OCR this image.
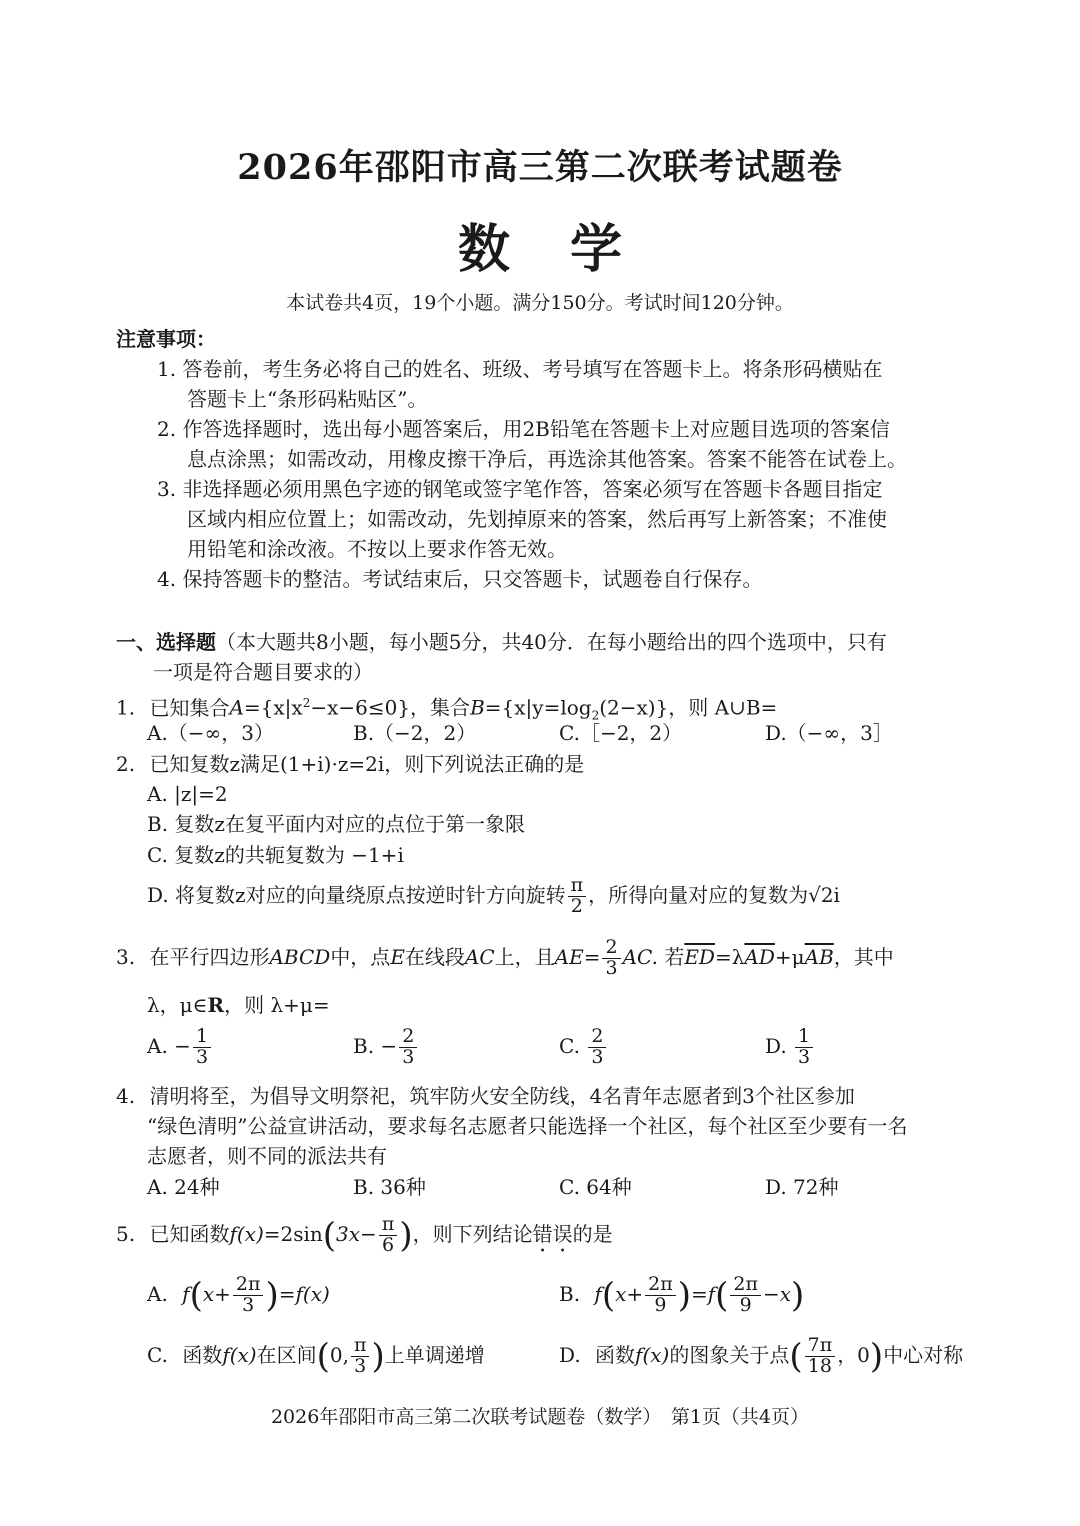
2026年邵阳市高三第二次联考试题卷
数学
本试卷共4页，19个小题。满分150分。考试时间120分钟。
注意事项：
1. 答卷前，考生务必将自己的姓名、班级、考号填写在答题卡上。将条形码横贴在
答题卡上“条形码粘贴区”。
2. 作答选择题时，选出每小题答案后，用2B铅笔在答题卡上对应题目选项的答案信
息点涂黑；如需改动，用橡皮擦干净后，再选涂其他答案。答案不能答在试卷上。
3. 非选择题必须用黑色字迹的钢笔或签字笔作答，答案必须写在答题卡各题目指定
区域内相应位置上；如需改动，先划掉原来的答案，然后再写上新答案；不准使
用铅笔和涂改液。不按以上要求作答无效。
4. 保持答题卡的整洁。考试结束后，只交答题卡，试题卷自行保存。
一、选择题（本大题共8小题，每小题5分，共40分．在每小题给出的四个选项中，只有
一项是符合题目要求的）
1. 已知集合$A=\{x|x^2-x-6\le 0\}$，集合$B=\{x|y=\log_2(2-x)\}$，则 A∪B=
A.（−∞，3）	B.（−2，2）	C.［−2，2）	D.（−∞，3］
2. 已知复数z满足(1+i)·z=2i，则下列说法正确的是
A. |z|=2
B. 复数z在复平面内对应的点位于第一象限
C. 复数z的共轭复数为 −1+i
D. 将复数z对应的向量绕原点按逆时针方向旋转 $\frac{\pi}{2}$ ，所得向量对应的复数为√2i
3. 在平行四边形ABCD中，点E在线段AC上，且$AE= \frac{2}{3}$ AC. 若$\overline{ED}=\lambda\overline{AD}+\mu\overline{AB}$，其中
λ，μ∈R，则 λ+μ=
A. − $\frac{1}{3}$	B. − $\frac{2}{3}$	C. $\frac{2}{3}$	D. $\frac{1}{3}$
4. 清明将至，为倡导文明祭祀，筑牢防火安全防线，4名青年志愿者到3个社区参加
“绿色清明”公益宣讲活动，要求每名志愿者只能选择一个社区，每个社区至少要有一名
志愿者，则不同的派法共有
A. 24种	B. 36种	C. 64种	D. 72种
5. 已知函数$f(x)=2\sin(3x- \frac{\pi}{6}$ )，则下列结论错误的是
A. $f(x+ \frac{2\pi}{3} )=f(x)$	B. $f(x+ \frac{2\pi}{9} )=f( \frac{2\pi}{9} -x)$
C. 函数f(x)在区间(0, $\frac{\pi}{3}$ )上单调递增	D. 函数f(x)的图象关于点( $\frac{7\pi}{18}$ ，0)中心对称
2026年邵阳市高三第二次联考试题卷（数学）　第1页（共4页）
